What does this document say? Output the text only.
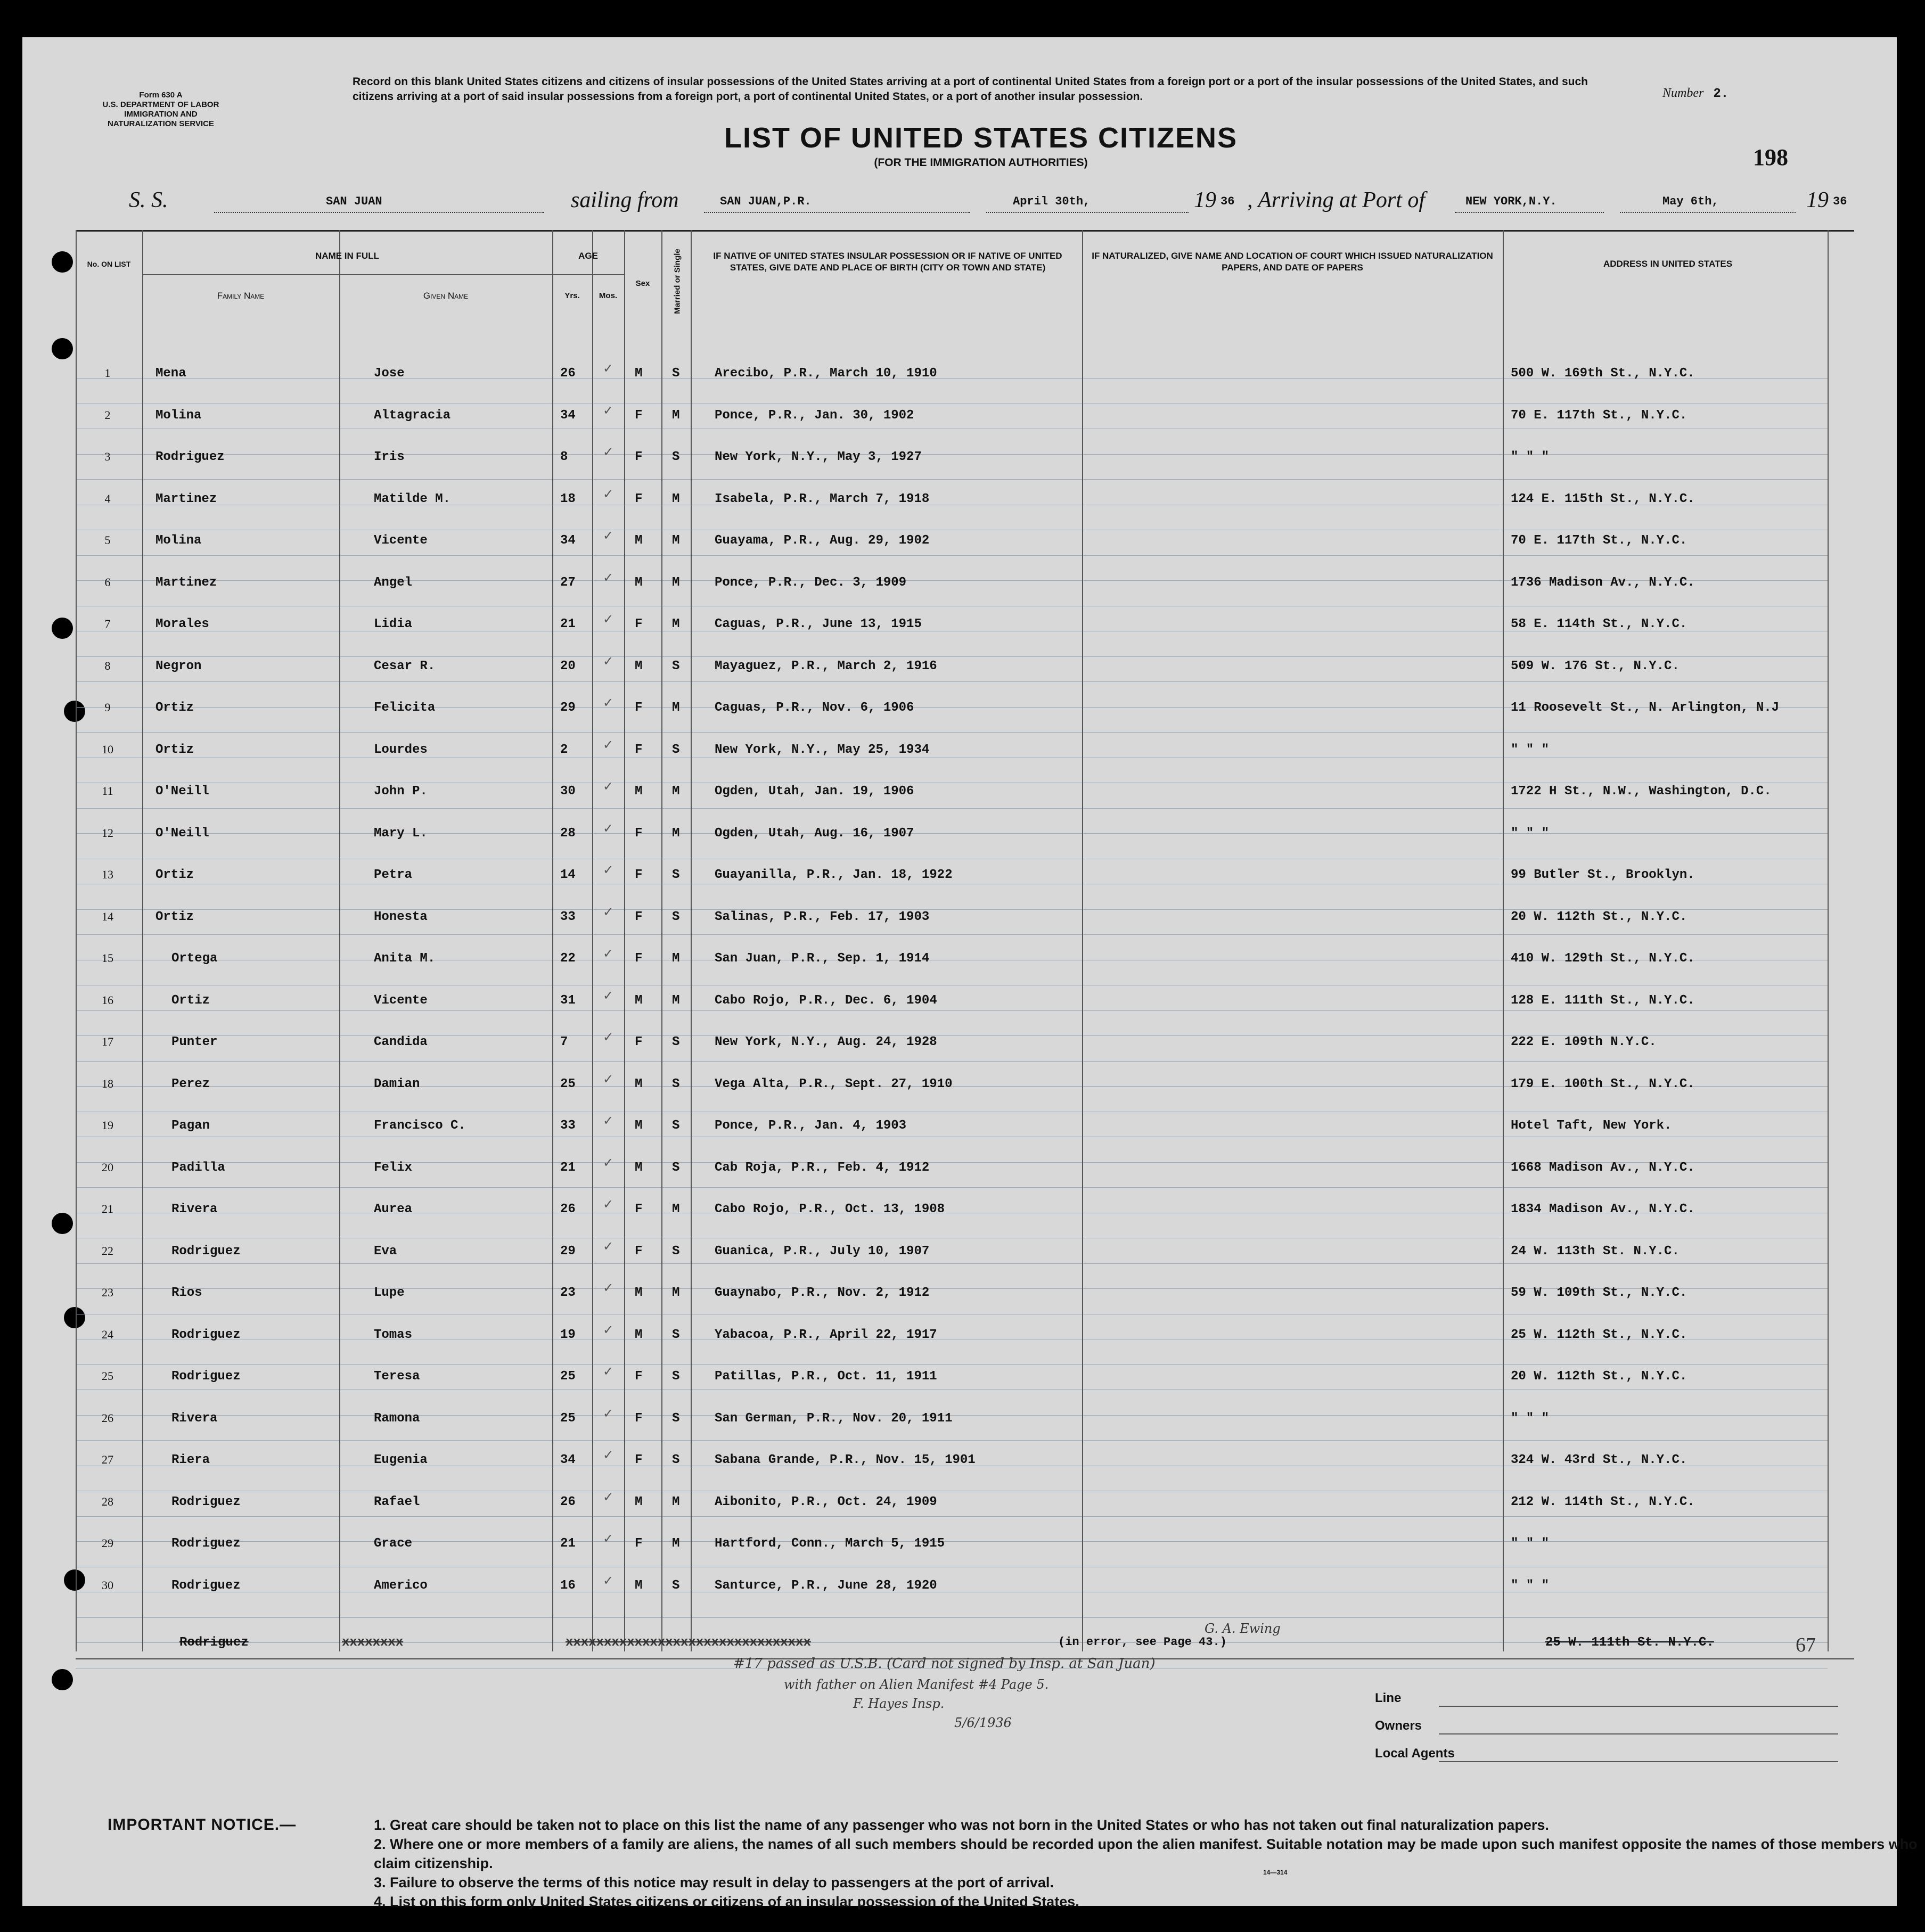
Form 630 A
U.S. DEPARTMENT OF LABOR
IMMIGRATION AND
NATURALIZATION SERVICE
Record on this blank United States citizens and citizens of insular possessions of the United States arriving at a port of continental United States from a foreign port or a port of the insular possessions of the United States, and such citizens arriving at a port of said insular possessions from a foreign port, a port of continental United States, or a port of another insular possession.	Number 2.
LIST OF UNITED STATES CITIZENS
(FOR THE IMMIGRATION AUTHORITIES)	198
S. S.	SAN JUAN	sailing from	SAN JUAN,P.R.	April 30th,	19 36 , Arriving at Port of	NEW YORK,N.Y.	May 6th,	19 36
No. ON LIST
NAME IN FULL
Family Name	Given Name
AGE
Yrs.	Mos.
Sex	Married or Single	IF NATIVE OF UNITED STATES INSULAR POSSESSION OR IF NATIVE OF UNITED STATES, GIVE DATE AND PLACE OF BIRTH (CITY OR TOWN AND STATE)
IF NATURALIZED, GIVE NAME AND LOCATION OF COURT WHICH ISSUED NATURALIZATION PAPERS, AND DATE OF PAPERS	ADDRESS IN UNITED STATES
1	Mena	Jose	26	M S	Arecibo, P.R., March 10, 1910	500 W. 169th St., N.Y.C.
✓
2	Molina	Altagracia	34	F M	Ponce, P.R., Jan. 30, 1902	70 E. 117th St., N.Y.C.
✓
3	Rodriguez	Iris	8	F S	New York, N.Y., May 3, 1927	" " "
✓
4	Martinez	Matilde M.	18	F M	Isabela, P.R., March 7, 1918	124 E. 115th St., N.Y.C.
✓
5	Molina	Vicente	34	M M	Guayama, P.R., Aug. 29, 1902	70 E. 117th St., N.Y.C.
✓
6	Martinez	Angel	27	M M	Ponce, P.R., Dec. 3, 1909	1736 Madison Av., N.Y.C.
✓
7	Morales	Lidia	21	F M	Caguas, P.R., June 13, 1915	58 E. 114th St., N.Y.C.
✓
8	Negron	Cesar R.	20	M S	Mayaguez, P.R., March 2, 1916	509 W. 176 St., N.Y.C.
✓
9	Ortiz	Felicita	29	F M	Caguas, P.R., Nov. 6, 1906	11 Roosevelt St., N. Arlington, N.J
✓
10	Ortiz	Lourdes	2	F S	New York, N.Y., May 25, 1934	" " "
✓
11	O'Neill	John P.	30	M M	Ogden, Utah, Jan. 19, 1906	1722 H St., N.W., Washington, D.C.
✓
12	O'Neill	Mary L.	28	F M	Ogden, Utah, Aug. 16, 1907	" " "
✓
13	Ortiz	Petra	14	F S	Guayanilla, P.R., Jan. 18, 1922	99 Butler St., Brooklyn.
✓
14	Ortiz	Honesta	33	F S	Salinas, P.R., Feb. 17, 1903	20 W. 112th St., N.Y.C.
✓
15	Ortega	Anita M.	22	F M	San Juan, P.R., Sep. 1, 1914	410 W. 129th St., N.Y.C.
✓
16	Ortiz	Vicente	31	M M	Cabo Rojo, P.R., Dec. 6, 1904	128 E. 111th St., N.Y.C.
✓
17	Punter	Candida	7	F S	New York, N.Y., Aug. 24, 1928	222 E. 109th N.Y.C.
✓
18	Perez	Damian	25	M S	Vega Alta, P.R., Sept. 27, 1910	179 E. 100th St., N.Y.C.
✓
19	Pagan	Francisco C.	33	M S	Ponce, P.R., Jan. 4, 1903	Hotel Taft, New York.
✓
20	Padilla	Felix	21	M S	Cab Roja, P.R., Feb. 4, 1912	1668 Madison Av., N.Y.C.
✓
21	Rivera	Aurea	26	F M	Cabo Rojo, P.R., Oct. 13, 1908	1834 Madison Av., N.Y.C.
✓
22	Rodriguez	Eva	29	F S	Guanica, P.R., July 10, 1907	24 W. 113th St. N.Y.C.
✓
23	Rios	Lupe	23	M M	Guaynabo, P.R., Nov. 2, 1912	59 W. 109th St., N.Y.C.
✓
24	Rodriguez	Tomas	19	M S	Yabacoa, P.R., April 22, 1917	25 W. 112th St., N.Y.C.
✓
25	Rodriguez	Teresa	25	F S	Patillas, P.R., Oct. 11, 1911	20 W. 112th St., N.Y.C.
✓
26	Rivera	Ramona	25	F S	San German, P.R., Nov. 20, 1911	" " "
✓
27	Riera	Eugenia	34	F S	Sabana Grande, P.R., Nov. 15, 1901	324 W. 43rd St., N.Y.C.
✓
28	Rodriguez	Rafael	26	M M	Aibonito, P.R., Oct. 24, 1909	212 W. 114th St., N.Y.C.
✓
29	Rodriguez	Grace	21	F M	Hartford, Conn., March 5, 1915	" " "
✓
30	Rodriguez	Americo	16	M S	Santurce, P.R., June 28, 1920	" " "
✓
Rodriguez	xxxxxxxx	xxxxxxxxxxxxxxxxxxxxxxxxxxxxxxxx	(in error, see Page 43.)	25 W. 111th St. N.Y.C.	67
G. A. Ewing
#17 passed as U.S.B. (Card not signed by Insp. at San Juan)
with father on Alien Manifest #4 Page 5.
F. Hayes Insp.
5/6/1936
Line
Owners
Local Agents
IMPORTANT NOTICE.—	1. Great care should be taken not to place on this list the name of any passenger who was not born in the United States or who has not taken out final naturalization papers.
2. Where one or more members of a family are aliens, the names of all such members should be recorded upon the alien manifest. Suitable notation may be made upon such manifest opposite the names of those members who claim citizenship.
3. Failure to observe the terms of this notice may result in delay to passengers at the port of arrival.
4. List on this form only United States citizens or citizens of an insular possession of the United States.
14—314
